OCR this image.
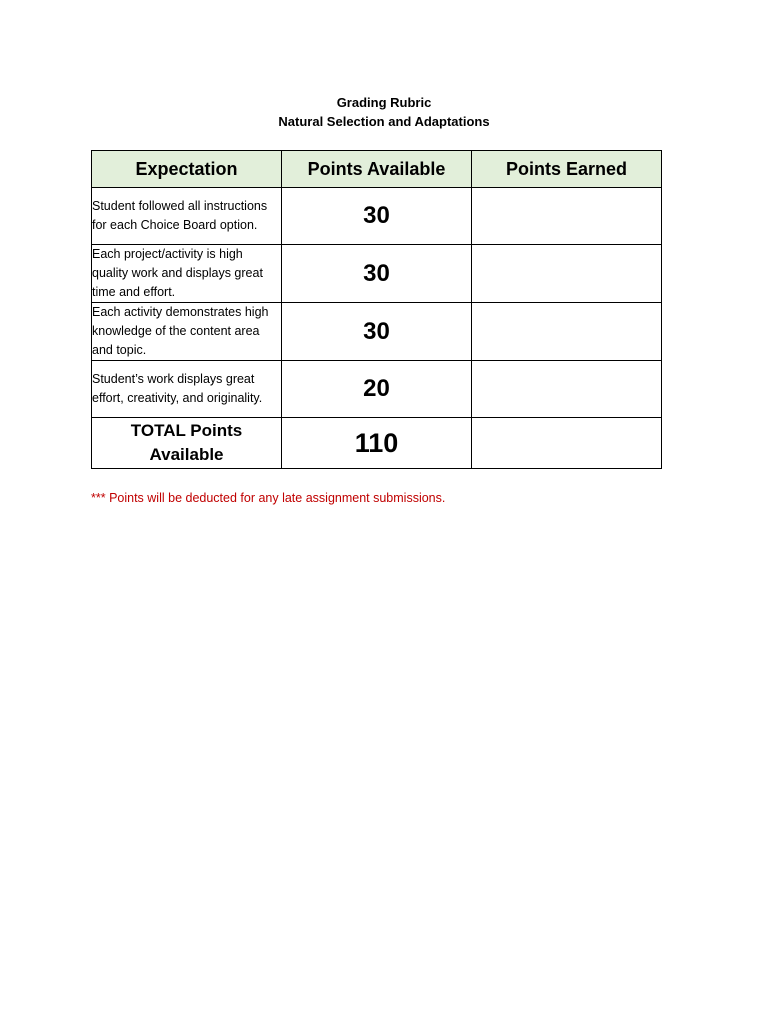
Grading Rubric
Natural Selection and Adaptations
Expectation	Points Available	Points Earned
Student followed all instructions for each Choice Board option.	30	
Each project/activity is high quality work and displays great time and effort.	30	
Each activity demonstrates high knowledge of the content area and topic.	30	
Student’s work displays great effort, creativity, and originality.	20	
TOTAL Points Available	110	
*** Points will be deducted for any late assignment submissions.
